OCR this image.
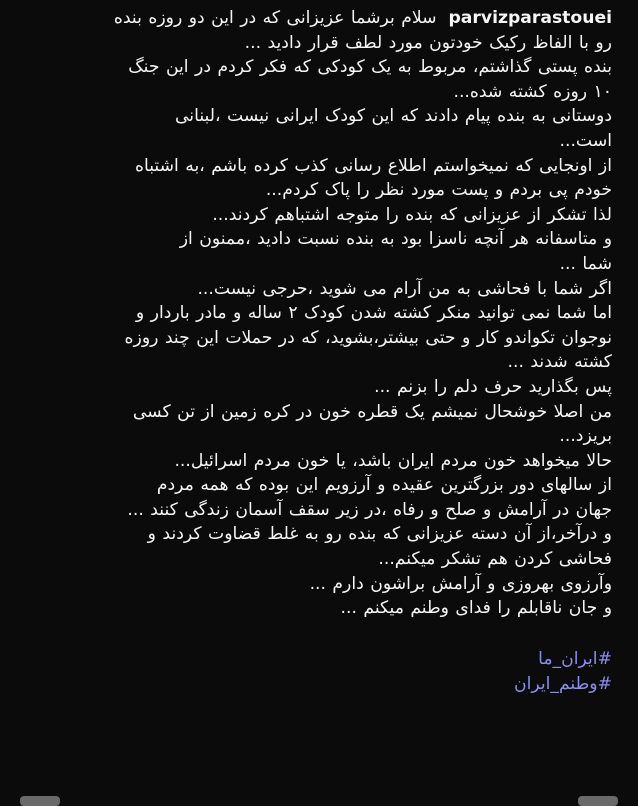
parvizparastoueiسلام برشما عزیزانی که در این دو روزه بنده
رو با الفاظ رکیک خودتون مورد لطف قرار دادید ...
بنده پستی گذاشتم، مربوط به یک کودکی که فکر کردم در این جنگ
۱۰ روزه کشته شده...
دوستانی به بنده پیام دادند که این کودک ایرانی نیست ،لبنانی
است...
از اونجایی که نمیخواستم اطلاع رسانی کذب کرده باشم ،به اشتباه
خودم پی بردم و پست مورد نظر را پاک کردم...
لذا تشکر از عزیزانی که بنده را متوجه اشتباهم کردند...
و متاسفانه هر آنچه ناسزا بود به بنده نسبت دادید ،ممنون از
شما ...
اگر شما با فحاشی به من آرام می شوید ،حرجی نیست...
اما شما نمی توانید منکر کشته شدن کودک ۲ ساله و مادر باردار و
نوجوان تکواندو کار و حتی بیشتر،بشوید، که در حملات این چند روزه
کشته شدند ...
پس بگذارید حرف دلم را بزنم ...
من اصلا خوشحال نمیشم یک قطره خون در کره زمین از تن کسی
بریزد...
حالا میخواهد خون مردم ایران باشد، یا خون مردم اسرائیل...
از سالهای دور بزرگترین عقیده و آرزویم این بوده که همه مردم
جهان در آرامش و صلح و رفاه ،در زیر سقف آسمان زندگی کنند ...
و درآخر،از آن دسته عزیزانی که بنده رو به غلط قضاوت کردند و
فحاشی کردن هم تشکر میکنم...
وآرزوی بهروزی و آرامش براشون دارم ...
و جان ناقابلم را فدای وطنم میکنم ...
#ایران_ما
#وطنم_ایران
